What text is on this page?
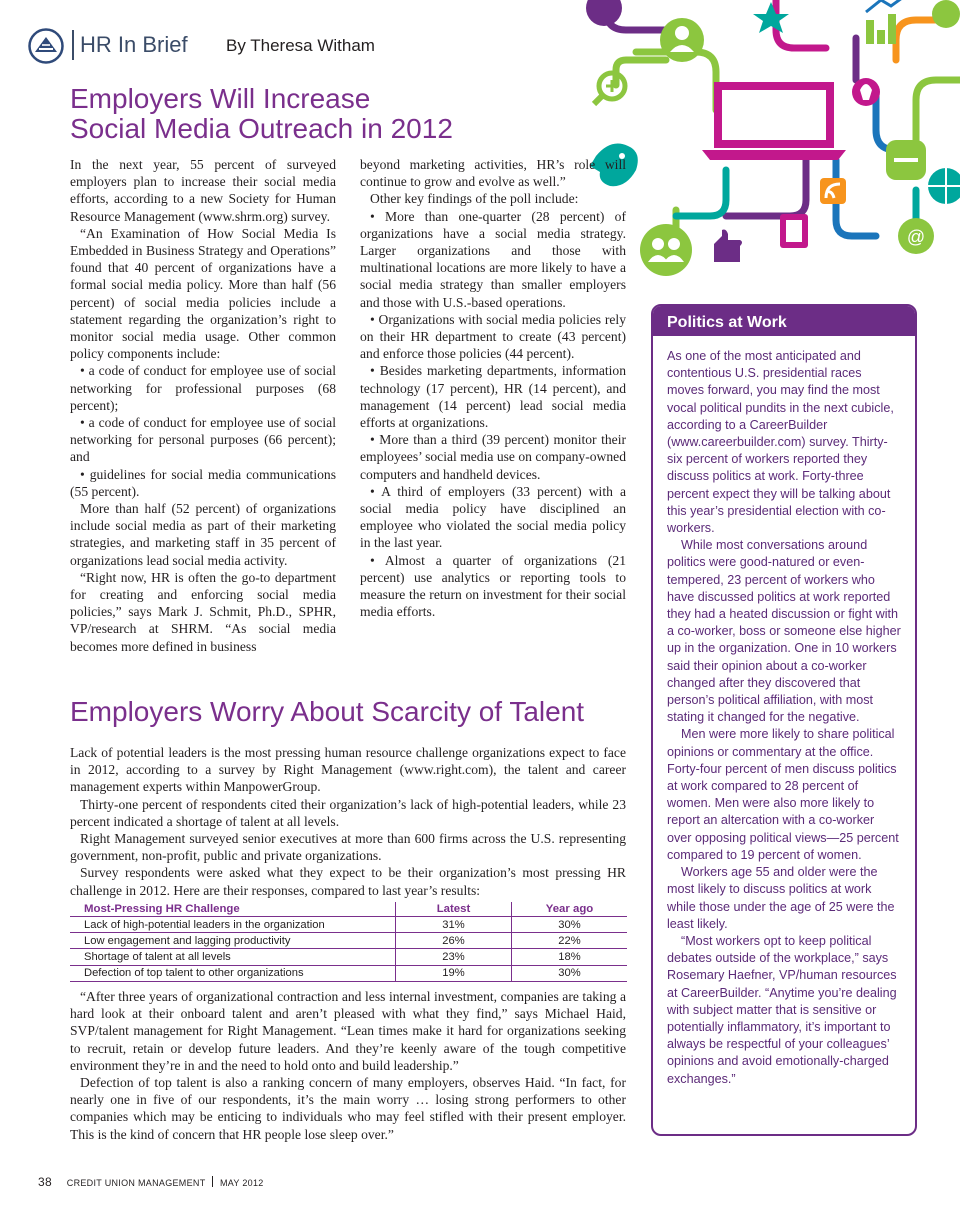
HR In Brief By Theresa Witham
@
Employers Will Increase
Social Media Outreach in 2012

In the next year, 55 percent of surveyed employers plan to increase their social media efforts, according to a new Society for Human Resource Management (www.shrm.org) survey.

“An Examination of How Social Media Is Embedded in Business Strategy and Operations” found that 40 percent of organizations have a formal social media policy. More than half (56 percent) of social media policies include a statement regarding the organization’s right to monitor social media usage. Other common policy components include:

• a code of conduct for employee use of social networking for professional purposes (68 percent);

• a code of conduct for employee use of social networking for personal purposes (66 percent); and

• guidelines for social media communications (55 percent).

More than half (52 percent) of organizations include social media as part of their marketing strategies, and marketing staff in 35 percent of organizations lead social media activity.

“Right now, HR is often the go-to department for creating and enforcing social media policies,” says Mark J. Schmit, Ph.D., SPHR, VP/research at SHRM. “As social media becomes more defined in business

beyond marketing activities, HR’s role will continue to grow and evolve as well.”

Other key findings of the poll include:

• More than one-quarter (28 percent) of organizations have a social media strategy. Larger organizations and those with multinational locations are more likely to have a social media strategy than smaller employers and those with U.S.-based operations.

• Organizations with social media policies rely on their HR department to create (43 percent) and enforce those policies (44 percent).

• Besides marketing departments, information technology (17 percent), HR (14 percent), and management (14 percent) lead social media efforts at organizations.

• More than a third (39 percent) monitor their employees’ social media use on company-owned computers and handheld devices.

• A third of employers (33 percent) with a social media policy have disciplined an employee who violated the social media policy in the last year.

• Almost a quarter of organizations (21 percent) use analytics or reporting tools to measure the return on investment for their social media efforts.

Employers Worry About Scarcity of Talent

Lack of potential leaders is the most pressing human resource challenge organizations expect to face in 2012, according to a survey by Right Management (www.right.com), the talent and career management experts within ManpowerGroup.

Thirty-one percent of respondents cited their organization’s lack of high-potential leaders, while 23 percent indicated a shortage of talent at all levels.

Right Management surveyed senior executives at more than 600 firms across the U.S. representing government, non-profit, public and private organizations.

Survey respondents were asked what they expect to be their organization’s most pressing HR challenge in 2012. Here are their responses, compared to last year’s results:

Most-Pressing HR Challenge	Latest	Year ago
Lack of high-potential leaders in the organization	31%	30%
Low engagement and lagging productivity	26%	22%
Shortage of talent at all levels	23%	18%
Defection of top talent to other organizations	19%	30%

“After three years of organizational contraction and less internal investment, companies are taking a hard look at their onboard talent and aren’t pleased with what they find,” says Michael Haid, SVP/talent management for Right Management. “Lean times make it hard for organizations seeking to recruit, retain or develop future leaders. And they’re keenly aware of the tough competitive environment they’re in and the need to hold onto and build leadership.”

Defection of top talent is also a ranking concern of many employers, observes Haid. “In fact, for nearly one in five of our respondents, it’s the main worry … losing strong performers to other companies which may be enticing to individuals who may feel stifled with their present employer. This is the kind of concern that HR people lose sleep over.”

Politics at Work

As one of the most anticipated and contentious U.S. presidential races moves forward, you may find the most vocal political pundits in the next cubicle, according to a CareerBuilder (www.careerbuilder.com) survey. Thirty-six percent of workers reported they discuss politics at work. Forty-three percent expect they will be talking about this year’s presidential election with co-workers.

While most conversations around politics were good-natured or even-tempered, 23 percent of workers who have discussed politics at work reported they had a heated discussion or fight with a co-worker, boss or someone else higher up in the organization. One in 10 workers said their opinion about a co-worker changed after they discovered that person’s political affiliation, with most stating it changed for the negative.

Men were more likely to share political opinions or commentary at the office. Forty-four percent of men discuss politics at work compared to 28 percent of women. Men were also more likely to report an altercation with a co-worker over opposing political views—25 percent compared to 19 percent of women.

Workers age 55 and older were the most likely to discuss politics at work while those under the age of 25 were the least likely.

“Most workers opt to keep political debates outside of the workplace,” says Rosemary Haefner, VP/human resources at CareerBuilder. “Anytime you’re dealing with subject matter that is sensitive or potentially inflammatory, it’s important to always be respectful of your colleagues’ opinions and avoid emotionally-charged exchanges.”

38 CREDIT UNION MANAGEMENT MAY 2012
